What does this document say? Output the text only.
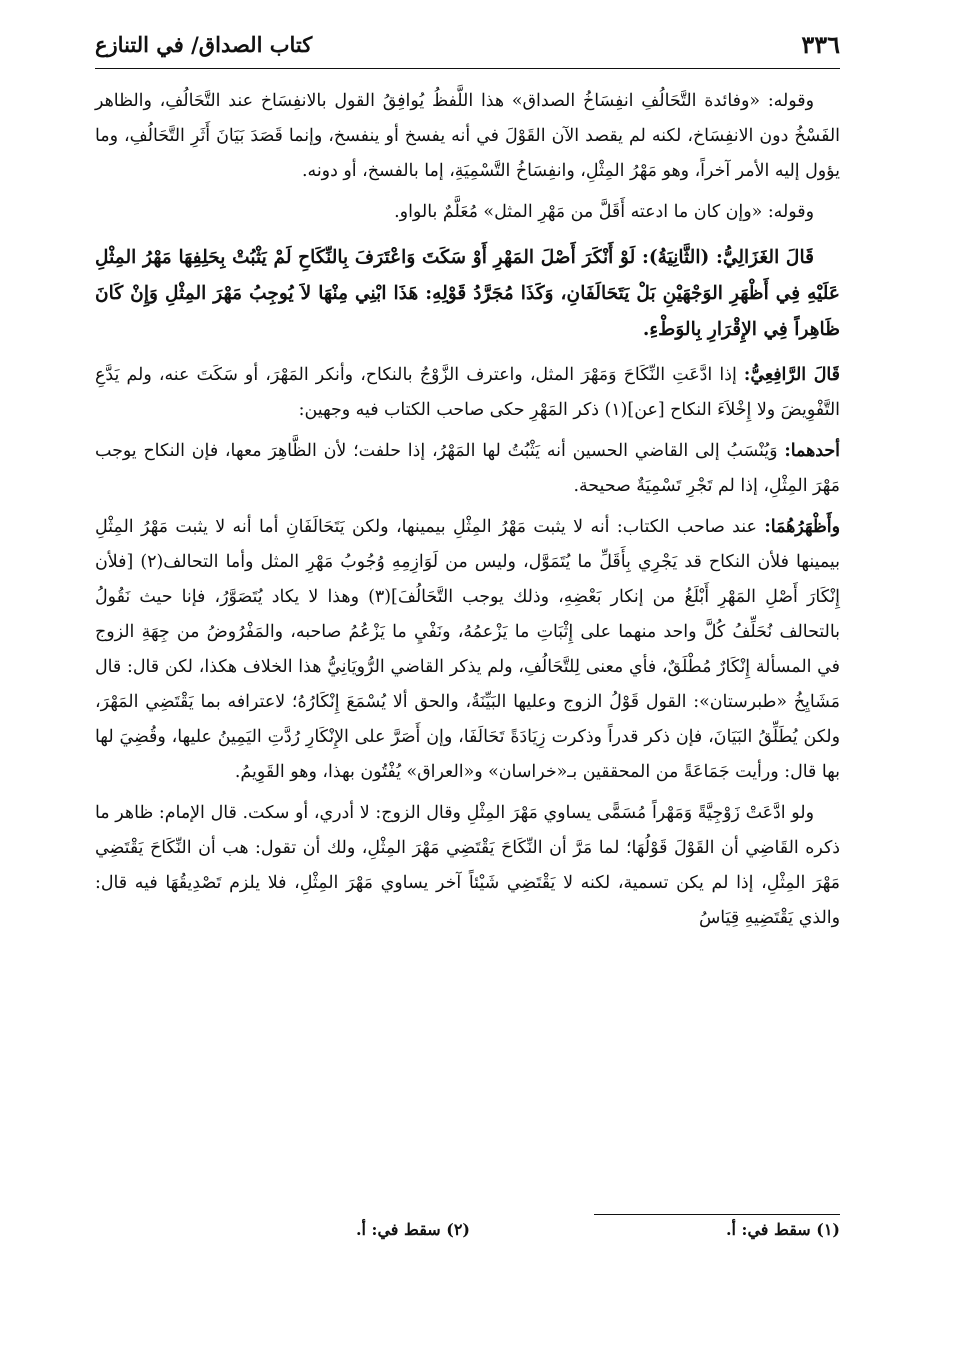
٣٣٦
كتاب الصداق/ في التنازع

وقوله: «وفائدة التَّحَالُفِ انفِسَاخُ الصداق» هذا اللَّفظُ يُوافِقُ القول بالانفِسَاخ عند التَّحَالُفِ، والظاهر الفَسْخُ دون الانفِسَاخ، لكنه لم يقصد الآن القَوْلَ في أنه يفسخ أو ينفسخ، وإنما قَصَدَ بَيَانَ أَثَرِ التَّحَالُفِ، وما يؤول إليه الأمر آخراً، وهو مَهْرُ المِثْلِ، وانفِسَاخُ التَّسْمِيَةِ، إما بالفسخ، أو دونه.

وقوله: «وإن كان ما ادعته أَقَلَّ من مَهْرِ المثل» مُعَلَّمٌ بالواو.

قَالَ الغَزَالِيُّ: (الثَّانِيَةُ): لَوْ أَنْكَرَ أَصْلَ المَهْرِ أَوْ سَكَتَ وَاعْتَرَفَ بِالنِّكَاحِ لَمْ يَثْبُتْ بِحَلِفِهَا مَهْرُ المِثْلِ عَلَيْهِ فِي أَظْهَرِ الوَجْهَيْنِ بَلْ يَتَحَالَفَانِ، وَكَذَا مُجَرَّدُ قَوْلِهِ: هَذَا ابْنِي مِنْهَا لاَ يُوجِبُ مَهْرَ المِثْلِ وَإِنْ كَانَ ظَاهِراً فِي الإِقْرَارِ بِالوَطْءِ.

قَالَ الرَّافِعِيُّ: إذا ادَّعَتِ النِّكَاحَ وَمَهْرَ المثل، واعترف الزَّوْجُ بالنكاح، وأنكر المَهْرَ، أو سَكَتَ عنه، ولم يَدَّعِ التَّفْوِيضَ ولا إِخْلاَءَ النكاح [عن](١) ذكر المَهْرِ حكى صاحب الكتاب فيه وجهين:

أحدهما: وَيُنْسَبُ إلى القاضي الحسين أنه يَثْبُتُ لها المَهْرُ، إذا حلفت؛ لأن الظَّاهِرَ معها، فإن النكاح يوجب مَهْرَ المِثْلِ، إذا لم تَجْرِ تَسْمِيَةٌ صحيحة.

وأَظْهَرُهُمَا: عند صاحب الكتاب: أنه لا يثبت مَهْرُ المِثْلِ بيمينها، ولكن يَتَحَالَفَانِ أما أنه لا يثبت مَهْرُ المِثْلِ بيمينها فلأن النكاح قد يَجْرِي بِأَقَلِّ ما يُتَمَوَّل، وليس من لَوَازِمِهِ وُجُوبُ مَهْرِ المثل وأما التحالف(٢) [فلأن إِنْكَارَ أَصْلِ المَهْرِ أَبْلَغُ من إنكار بَعْضِهِ، وذلك يوجب التَّحَالُفَ](٣) وهذا لا يكاد يُتَصَوَّرُ، فإنا حيث نَقُولُ بالتحالف نُحَلِّفُ كُلَّ واحد منهما على إِثْبَاتِ ما يَزْعمُهُ، ونَفْيِ ما يَزْعُمُ صاحبه، والمَفْرُوضُ من جِهَةِ الزوج في المسألة إِنْكَارٌ مُطْلَقٌ، فأي معنى لِلتَّحَالُفِ، ولم يذكر القاضي الرُّويَانِيُّ هذا الخلاف هكذا، لكن قال: قال مَشَايِخُ «طبرستان»: القول قَوْلُ الزوج وعليها البَيِّنَةُ، والحق ألا يُسْمَعَ إِنْكَارُهُ؛ لاعترافه بما يَقْتَضِي المَهْرَ، ولكن يُطَلِّقُ البَيَانَ، فإن ذكر قدراً وذكرت زِيَادَةً تَحَالَفَا، وإن أَصَرَّ على الإِنْكَارِ رُدَّتِ اليَمِينُ عليها، وقُضِيَ لها بها قال: ورأيت جَمَاعَةً من المحققين بـ«خراسان» و«العراق» يُفْتُون بهذا، وهو القَوِيمُ.

ولو ادَّعَتْ زَوْجِيَّةً وَمَهْراً مُسَمًّى يساوي مَهْرَ المِثْلِ وقال الزوج: لا أدري، أو سكت. قال الإمام: ظاهر ما ذكره القَاضِي أن القَوْلَ قَوْلُهَا؛ لما مَرَّ أن النِّكَاحَ يَقْتَضِي مَهْرَ المِثْلِ، ولك أن تقول: هب أن النِّكَاحَ يَقْتَضِي مَهْرَ المِثْلِ، إذا لم يكن تسمية، لكنه لا يَقْتَضِي شَيْئاً آخر يساوي مَهْرَ المِثْلِ، فلا يلزم تَصْدِيقُهَا فيه قال: والذي يَقْتَضِيهِ قِيَاسُ

(١) سقط في: أ.
(٢) سقط في: أ.
